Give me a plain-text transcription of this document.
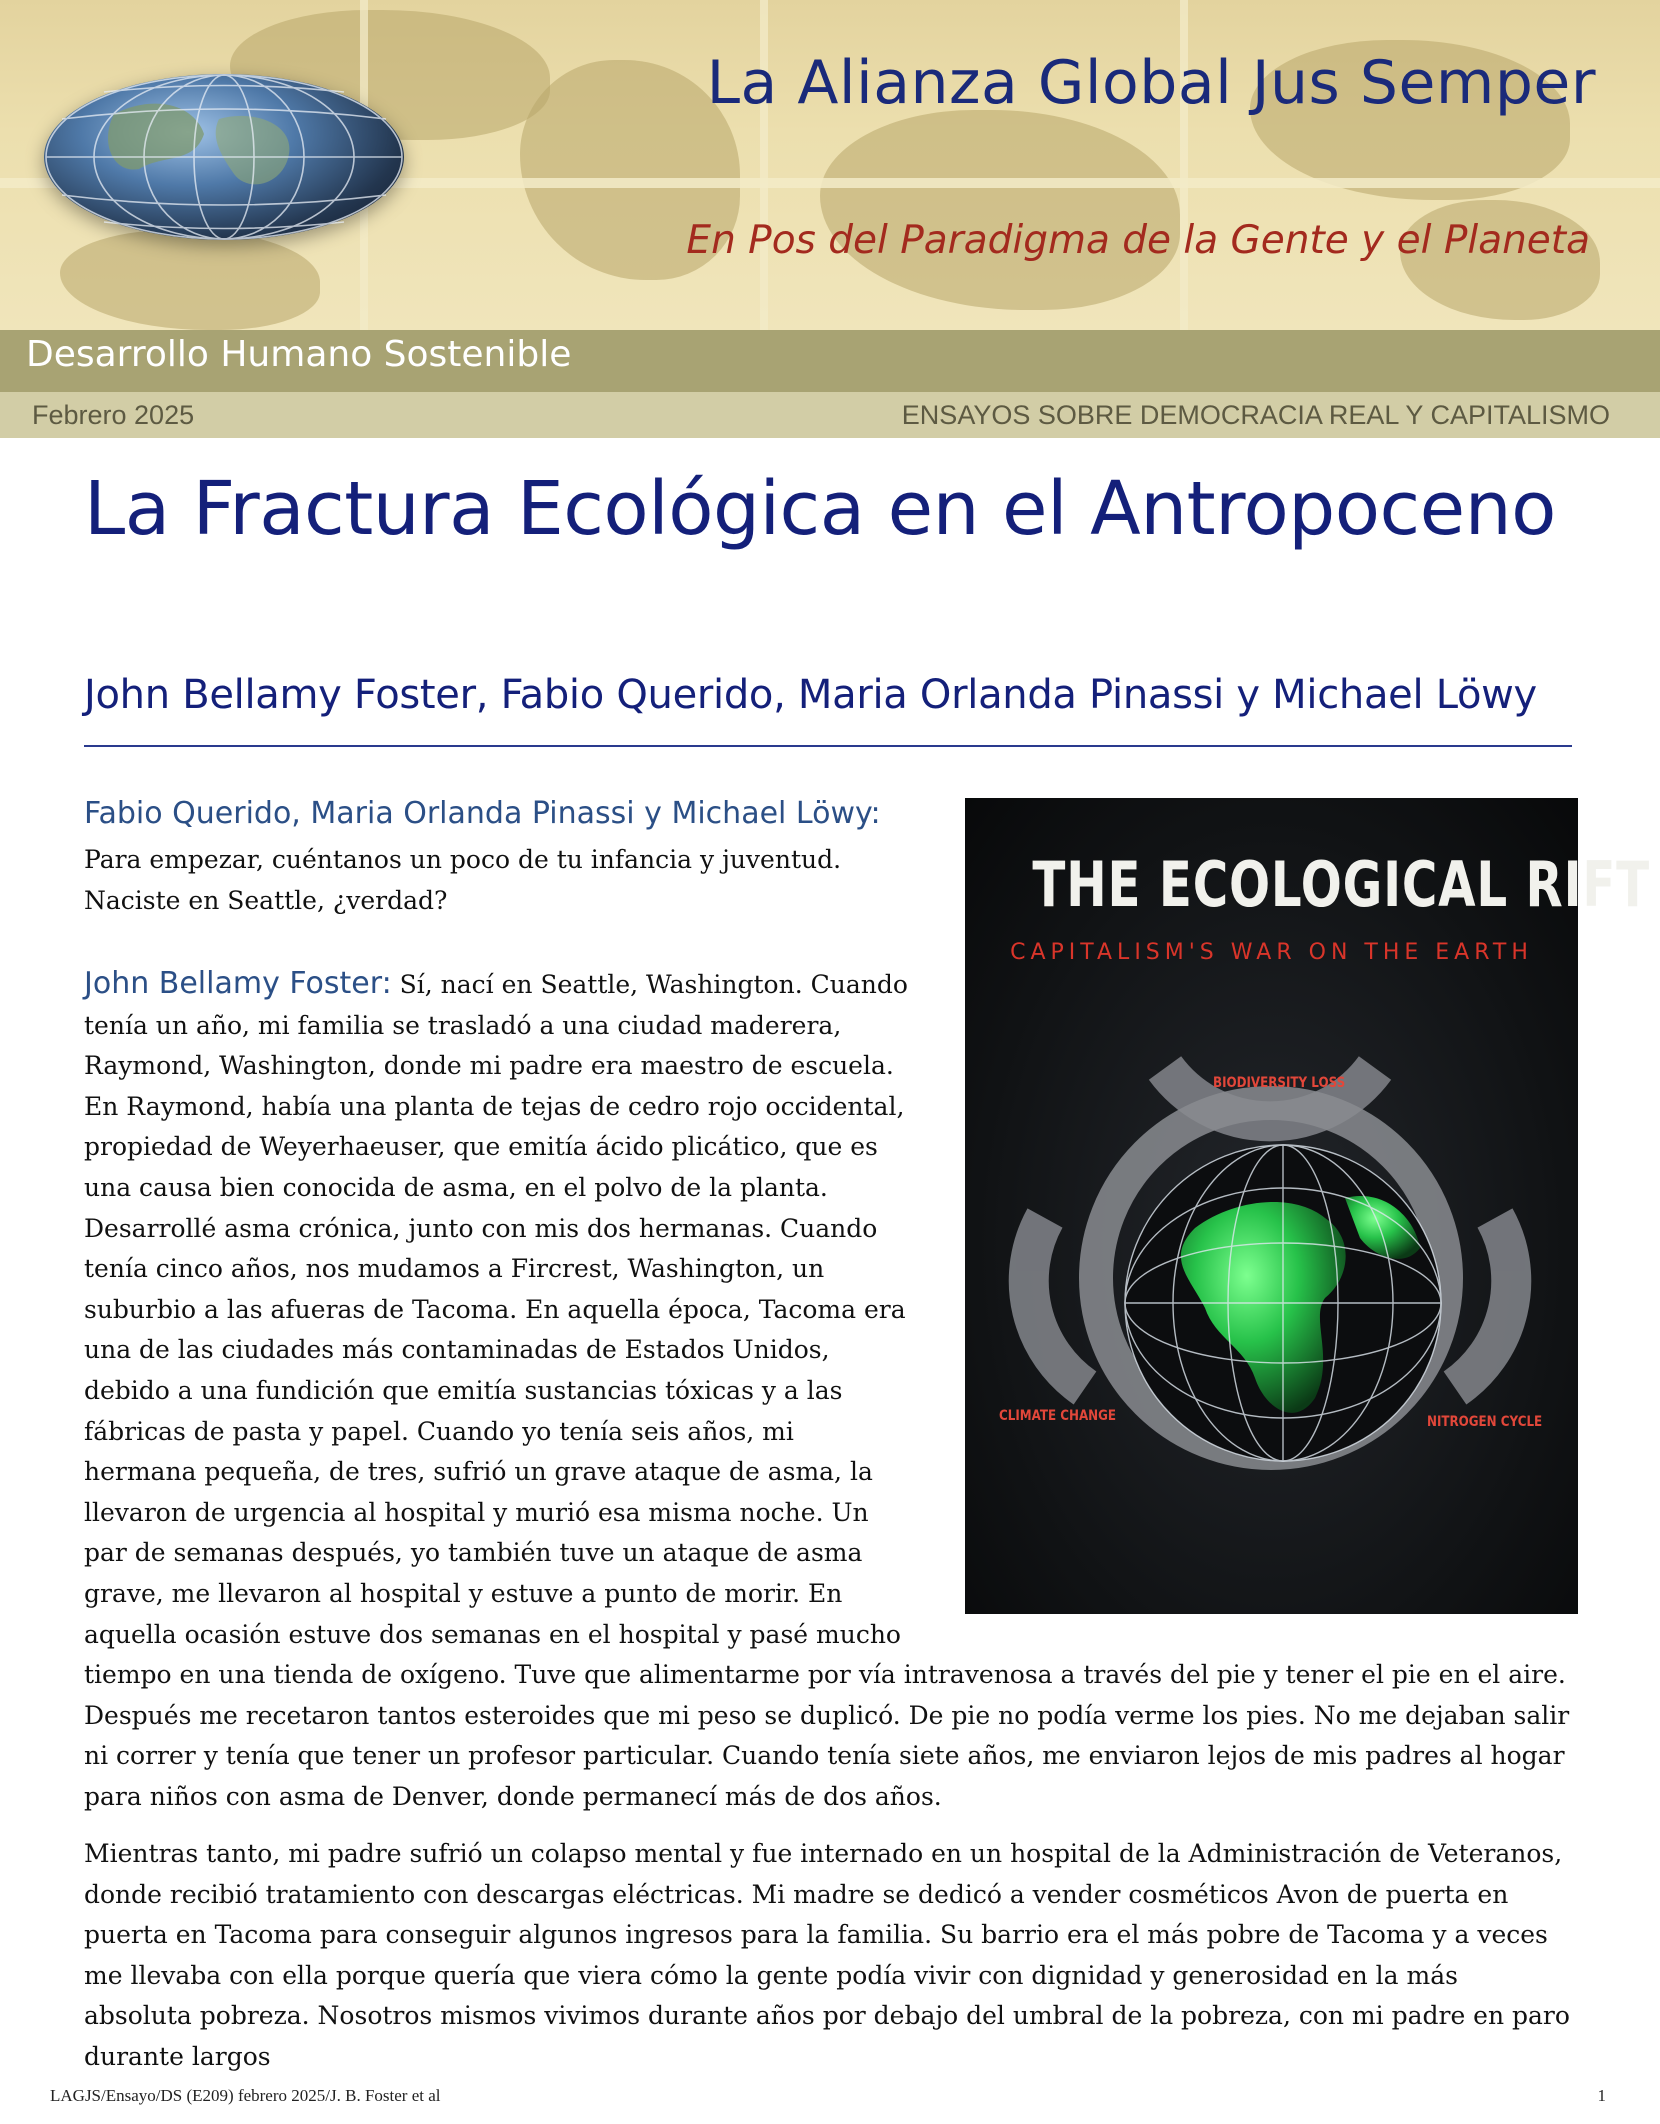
La Alianza Global Jus Semper
En Pos del Paradigma de la Gente y el Planeta
Desarrollo Humano Sostenible
Febrero 2025	ENSAYOS SOBRE DEMOCRACIA REAL Y CAPITALISMO
La Fractura Ecológica en el Antropoceno
John Bellamy Foster, Fabio Querido, Maria Orlanda Pinassi y Michael Löwy
THE ECOLOGICAL RIFT
CAPITALISM'S WAR ON THE EARTH
BIODIVERSITY LOSS
CLIMATE CHANGE	NITROGEN CYCLE
Fabio Querido, Maria Orlanda Pinassi y Michael Löwy:
Para empezar, cuéntanos un poco de tu infancia y juventud. Naciste en Seattle, ¿verdad?
John Bellamy Foster: Sí, nací en Seattle, Washington. Cuando tenía un año, mi familia se trasladó a una ciudad maderera, Raymond, Washington, donde mi padre era maestro de escuela. En Raymond, había una planta de tejas de cedro rojo occidental, propiedad de Weyerhaeuser, que emitía ácido plicático, que es una causa bien conocida de asma, en el polvo de la planta. Desarrollé asma crónica, junto con mis dos hermanas. Cuando tenía cinco años, nos mudamos a Fircrest, Washington, un suburbio a las afueras de Tacoma. En aquella época, Tacoma era una de las ciudades más contaminadas de Estados Unidos, debido a una fundición que emitía sustancias tóxicas y a las fábricas de pasta y papel. Cuando yo tenía seis años, mi hermana pequeña, de tres, sufrió un grave ataque de asma, la llevaron de urgencia al hospital y murió esa misma noche. Un par de semanas después, yo también tuve un ataque de asma grave, me llevaron al hospital y estuve a punto de morir. En aquella ocasión estuve dos semanas en el hospital y pasé mucho tiempo en una tienda de oxígeno. Tuve que alimentarme por vía intravenosa a través del pie y tener el pie en el aire. Después me recetaron tantos esteroides que mi peso se duplicó. De pie no podía verme los pies. No me dejaban salir ni correr y tenía que tener un profesor particular. Cuando tenía siete años, me enviaron lejos de mis padres al hogar para niños con asma de Denver, donde permanecí más de dos años.
Mientras tanto, mi padre sufrió un colapso mental y fue internado en un hospital de la Administración de Veteranos, donde recibió tratamiento con descargas eléctricas. Mi madre se dedicó a vender cosméticos Avon de puerta en puerta en Tacoma para conseguir algunos ingresos para la familia. Su barrio era el más pobre de Tacoma y a veces me llevaba con ella porque quería que viera cómo la gente podía vivir con dignidad y generosidad en la más absoluta pobreza. Nosotros mismos vivimos durante años por debajo del umbral de la pobreza, con mi padre en paro durante largos
LAGJS/Ensayo/DS (E209) febrero 2025/J. B. Foster et al	1
